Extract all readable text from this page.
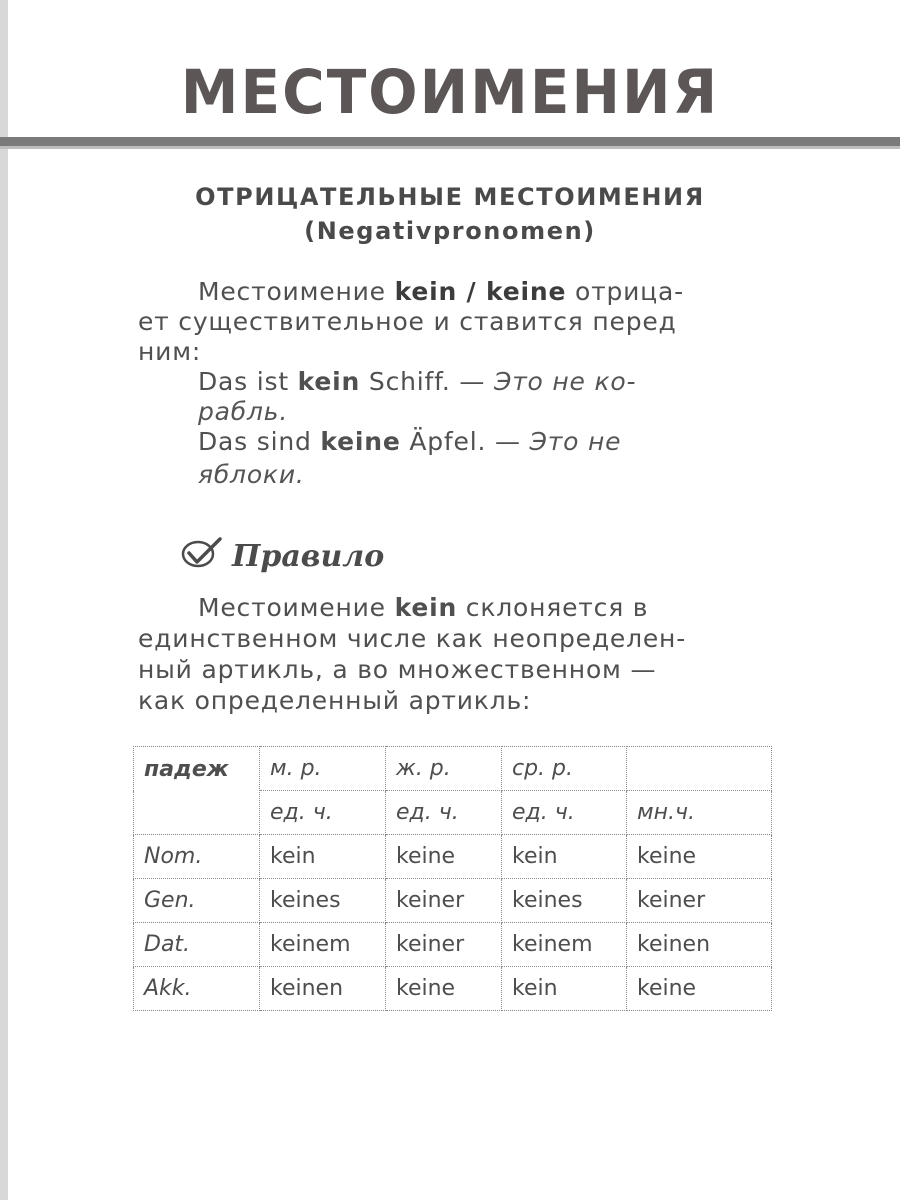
МЕСТОИМЕНИЯ
ОТРИЦАТЕЛЬНЫЕ МЕСТОИМЕНИЯ
(Negativpronomen)
Местоимение kein / keine отрица-
ет существительное и ставится перед
ним:
Das ist kein Schiff. — Это не ко-
рабль.
Das sind keine Äpfel. — Это не
яблоки.
Правило
Местоимение kein склоняется в
единственном числе как неопределен-
ный артикль, а во множественном —
как определенный артикль:
падеж	м. р.	ж. р.	ср. р.	
	ед. ч.	ед. ч.	ед. ч.	мн.ч.
Nom.	kein	keine	kein	keine
Gen.	keines	keiner	keines	keiner
Dat.	keinem	keiner	keinem	keinen
Akk.	keinen	keine	kein	keine
